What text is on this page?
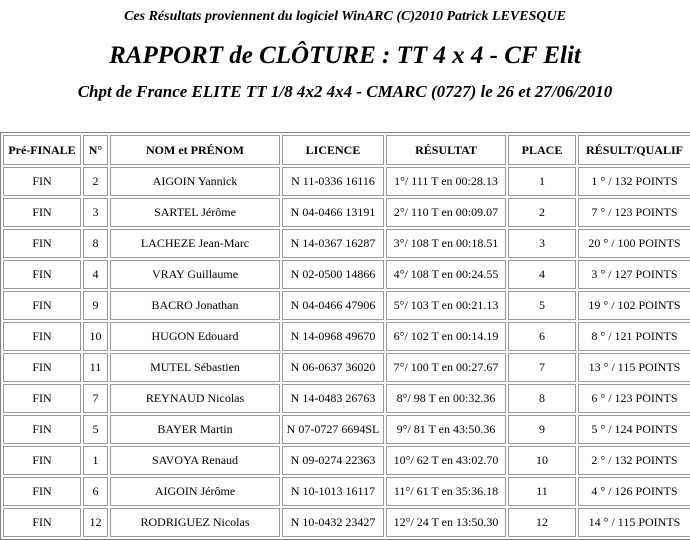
Ces Résultats proviennent du logiciel WinARC (C)2010 Patrick LEVESQUE
RAPPORT de CLÔTURE : TT 4 x 4 - CF Elit
Chpt de France ELITE TT 1/8 4x2 4x4 - CMARC (0727) le 26 et 27/06/2010
Pré-FINALE	N°	NOM et PRÉNOM	LICENCE	RÉSULTAT	PLACE	RÉSULT/QUALIF
FIN	2	AIGOIN Yannick	N 11-0336 16116	1°/ 111 T en 00:28.13	1	1 ° / 132 POINTS
FIN	3	SARTEL Jérôme	N 04-0466 13191	2°/ 110 T en 00:09.07	2	7 ° / 123 POINTS
FIN	8	LACHEZE Jean-Marc	N 14-0367 16287	3°/ 108 T en 00:18.51	3	20 ° / 100 POINTS
FIN	4	VRAY Guillaume	N 02-0500 14866	4°/ 108 T en 00:24.55	4	3 ° / 127 POINTS
FIN	9	BACRO Jonathan	N 04-0466 47906	5°/ 103 T en 00:21.13	5	19 ° / 102 POINTS
FIN	10	HUGON Edouard	N 14-0968 49670	6°/ 102 T en 00:14.19	6	8 ° / 121 POINTS
FIN	11	MUTEL Sébastien	N 06-0637 36020	7°/ 100 T en 00:27.67	7	13 ° / 115 POINTS
FIN	7	REYNAUD Nicolas	N 14-0483 26763	8°/ 98 T en 00:32.36	8	6 ° / 123 POINTS
FIN	5	BAYER Martin	N 07-0727 6694SL	9°/ 81 T en 43:50.36	9	5 ° / 124 POINTS
FIN	1	SAVOYA Renaud	N 09-0274 22363	10°/ 62 T en 43:02.70	10	2 ° / 132 POINTS
FIN	6	AIGOIN Jérôme	N 10-1013 16117	11°/ 61 T en 35:36.18	11	4 ° / 126 POINTS
FIN	12	RODRIGUEZ Nicolas	N 10-0432 23427	12°/ 24 T en 13:50.30	12	14 ° / 115 POINTS
